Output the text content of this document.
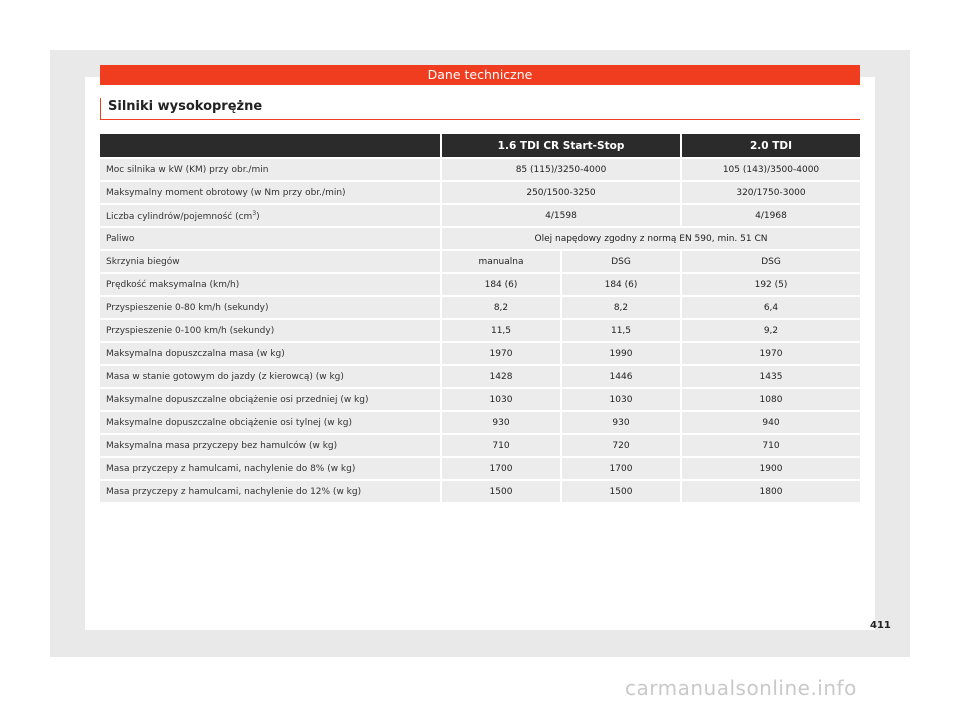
Dane techniczne
Silniki wysokoprężne
	1.6 TDI CR Start-Stop		2.0 TDI
Moc silnika w kW (KM) przy obr./min	85 (115)/3250-4000		105 (143)/3500-4000
Maksymalny moment obrotowy (w Nm przy obr./min)	250/1500-3250		320/1750-3000
Liczba cylindrów/pojemność $(cm^3)$	4/1598		4/1968
Paliwo	Olej napędowy zgodny z normą EN 590, min. 51 CN		
Skrzynia biegów	manualna	DSG	DSG
Prędkość maksymalna (km/h)	184 (6)	184 (6)	192 (5)
Przyspieszenie 0-80 km/h (sekundy)	8,2	8,2	6,4
Przyspieszenie 0-100 km/h (sekundy)	11,5	11,5	9,2
Maksymalna dopuszczalna masa (w kg)	1970	1990	1970
Masa w stanie gotowym do jazdy (z kierowcą) (w kg)	1428	1446	1435
Maksymalne dopuszczalne obciążenie osi przedniej (w kg)	1030	1030	1080
Maksymalne dopuszczalne obciążenie osi tylnej (w kg)	930	930	940
Maksymalna masa przyczepy bez hamulców (w kg)	710	720	710
Masa przyczepy z hamulcami, nachylenie do 8% (w kg)	1700	1700	1900
Masa przyczepy z hamulcami, nachylenie do 12% (w kg)	1500	1500	1800
411
carmanualsonline.info
